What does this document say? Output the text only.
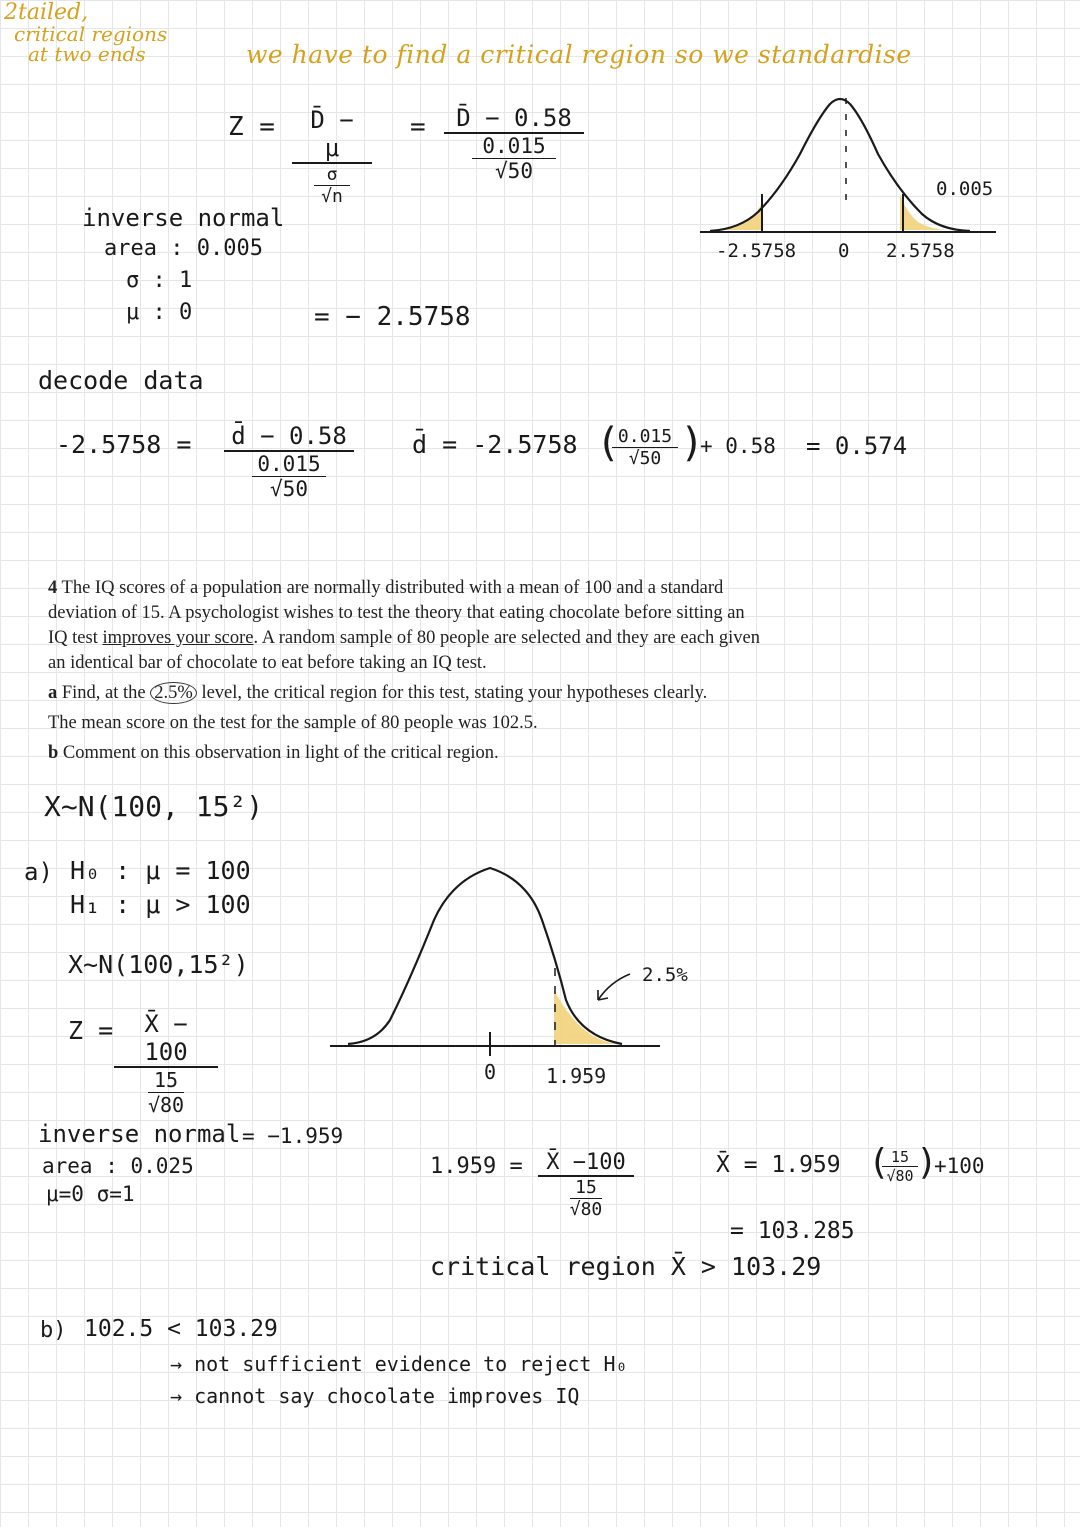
2tailed,
critical regions
at two ends	we have to find a critical region so we standardise
Z =	D̄ − μ
σ
√n
=	D̄ − 0.58
0.015
√50
inverse normal
area : 0.005
σ : 1
μ : 0	= − 2.5758
0.005
-2.5758 0 2.5758
decode data
-2.5758 =	d̄ − 0.58
0.015
√50
d̄ = -2.5758 (
$\frac{0.015}{√50}$ )
+ 0.58 = 0.574

4 The IQ scores of a population are normally distributed with a mean of 100 and a standard

deviation of 15. A psychologist wishes to test the theory that eating chocolate before sitting an

IQ test improves your score. A random sample of 80 people are selected and they are each given

an identical bar of chocolate to eat before taking an IQ test.

a Find, at the 2.5% level, the critical region for this test, stating your hypotheses clearly.

The mean score on the test for the sample of 80 people was 102.5.

b Comment on this observation in light of the critical region.

X~N(100, 15²)
a) H₀ : μ = 100
H₁ : μ > 100
X~N(100,15²)
Z =	X̄ − 100
15
√80
inverse normal = −1.959
area : 0.025
μ=0 σ=1
0 1.959
2.5%
1.959 =	X̄ −100
15
√80
X̄ = 1.959 (
$\frac{15}{√80}$
)
+100
= 103.285
critical region X̄ > 103.29
b) 102.5 < 103.29
→ not sufficient evidence to reject H₀
→ cannot say chocolate improves IQ
